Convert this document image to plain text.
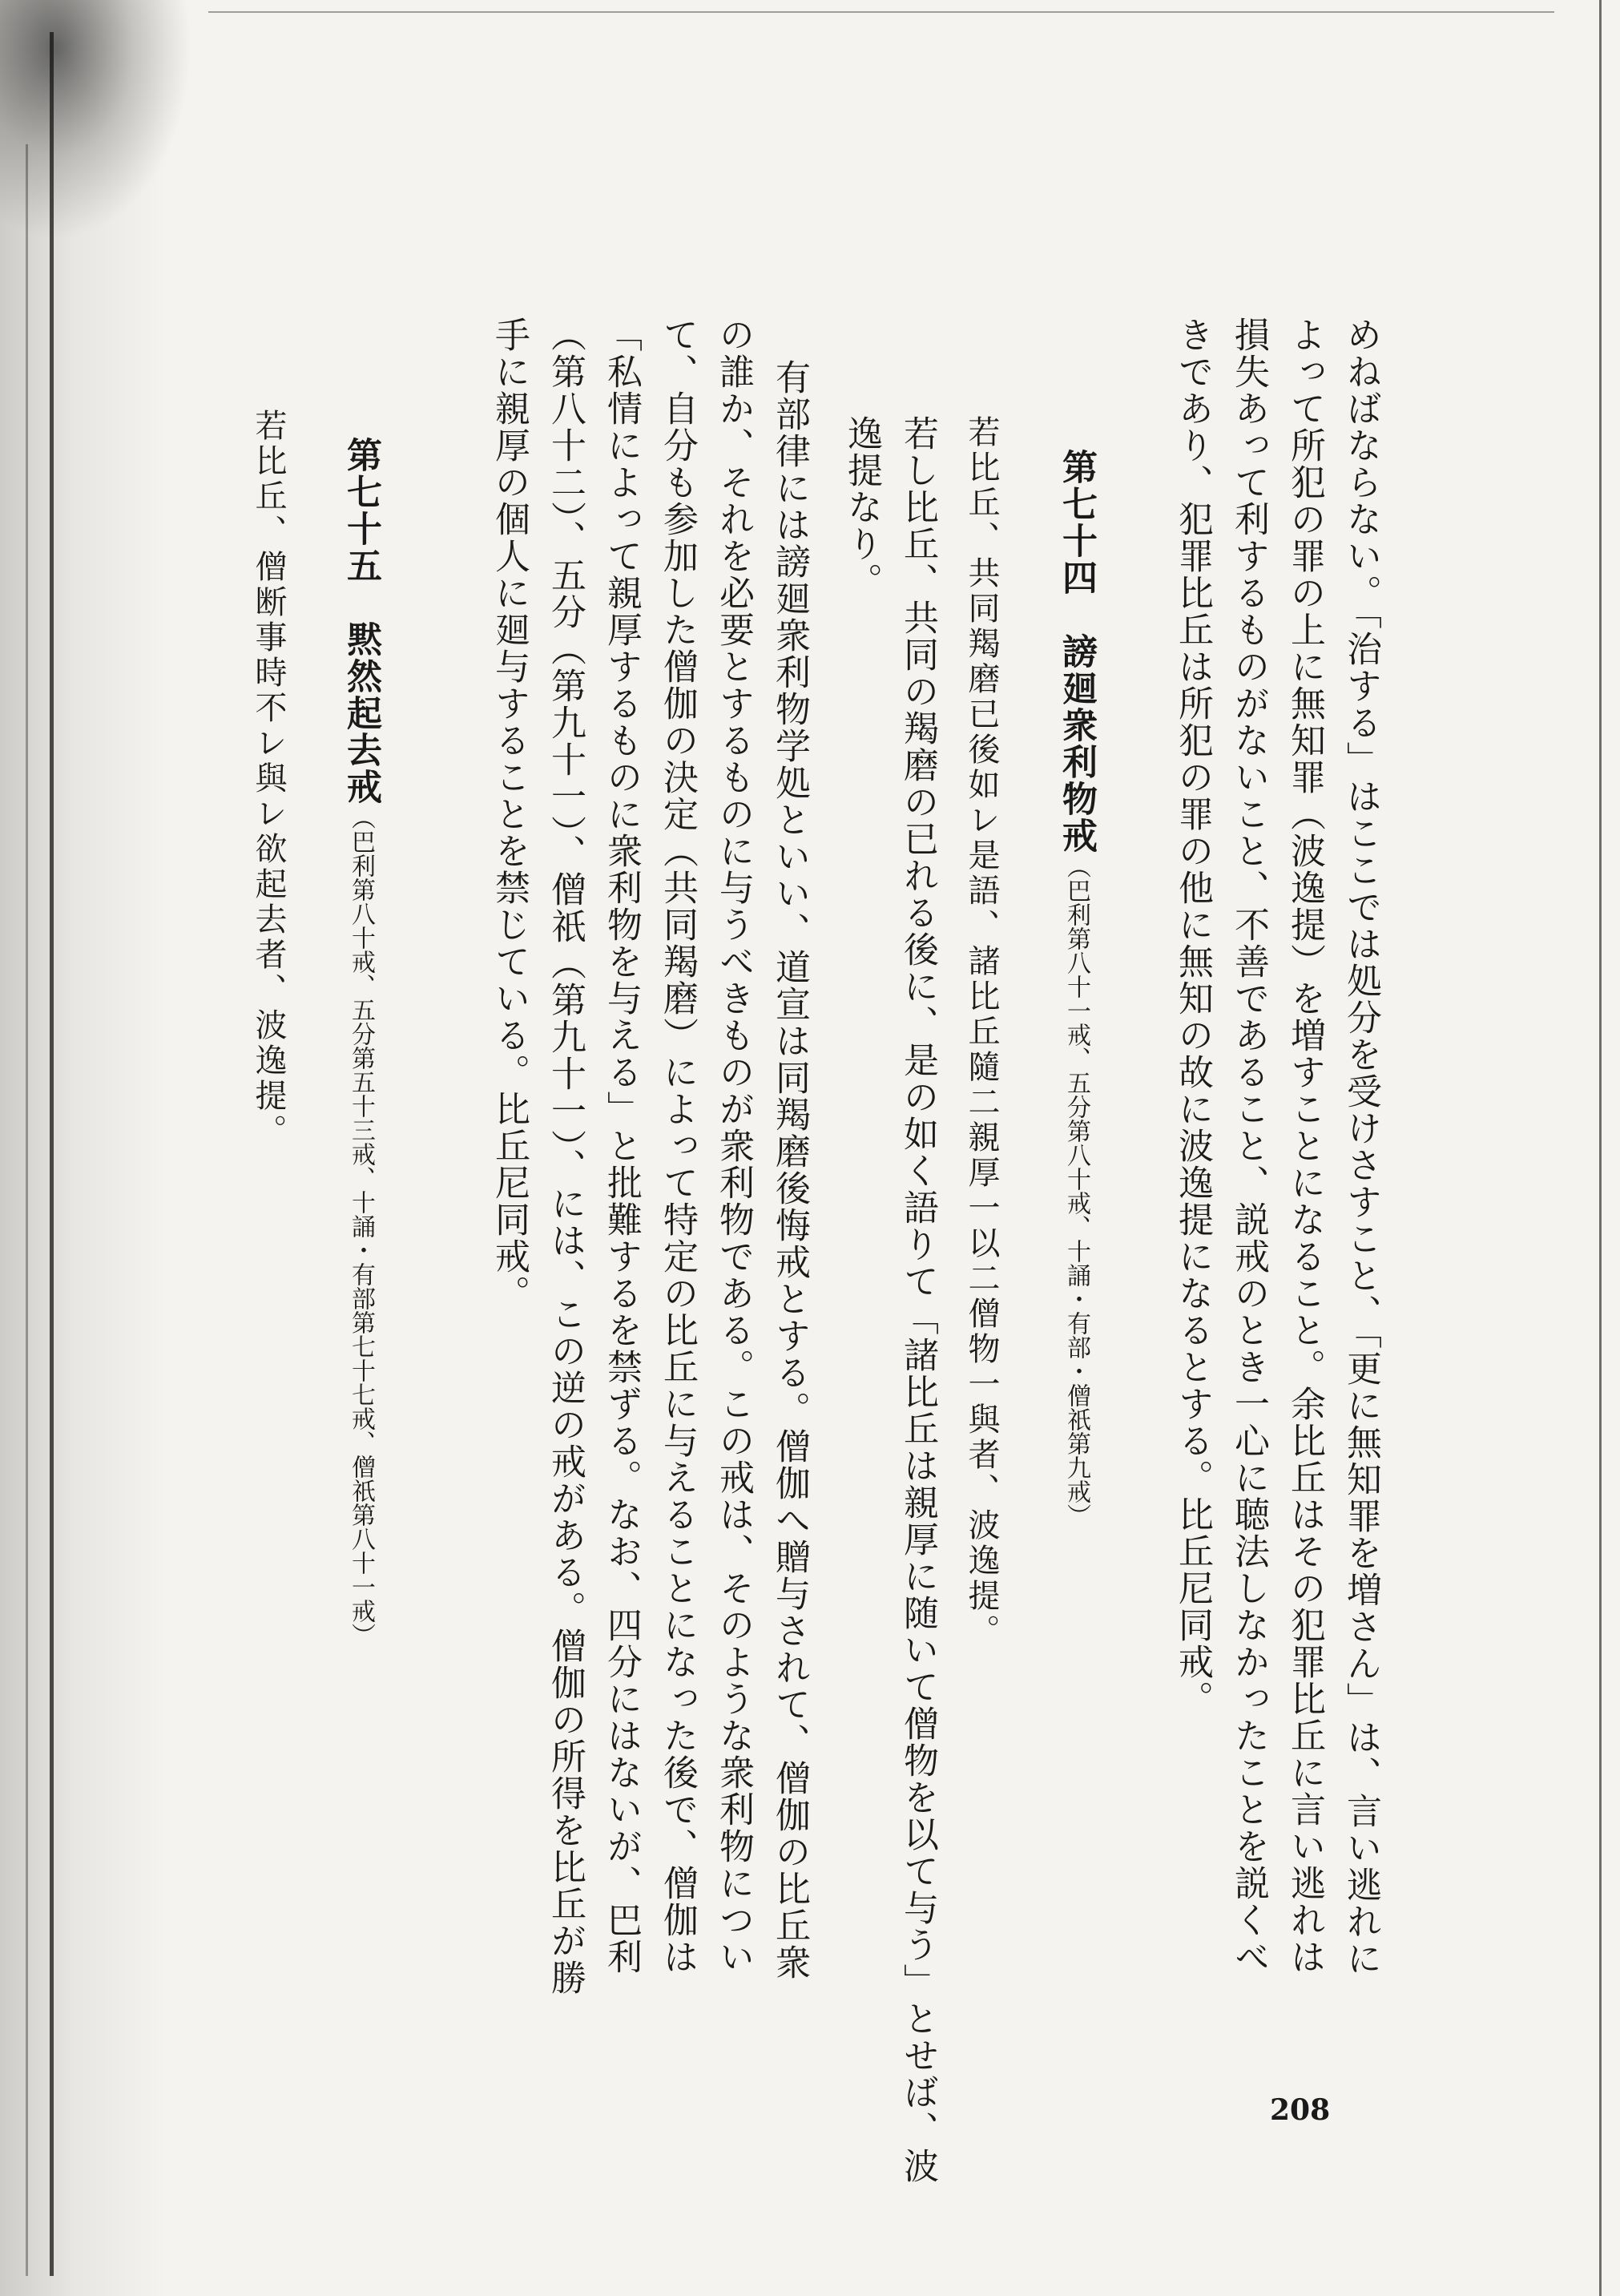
めねばならない。「治する」はここでは処分を受けさすこと、「更に無知罪を増さん」は、言い逃れに
よって所犯の罪の上に無知罪（波逸提）を増すことになること。余比丘はその犯罪比丘に言い逃れは
損失あって利するものがないこと、不善であること、説戒のとき一心に聴法しなかったことを説くべ
きであり、犯罪比丘は所犯の罪の他に無知の故に波逸提になるとする。比丘尼同戒。
第七十四　謗廻衆利物戒（巴利第八十一戒、五分第八十戒、十誦・有部・僧祇第九戒）
若比丘、共同羯磨已後如レ是語、諸比丘隨二親厚一以二僧物一與者、波逸提。
若し比丘、共同の羯磨の已れる後に、是の如く語りて「諸比丘は親厚に随いて僧物を以て与う」とせば、波
逸提なり。
有部律には謗廻衆利物学処といい、道宣は同羯磨後悔戒とする。僧伽へ贈与されて、僧伽の比丘衆
の誰か、それを必要とするものに与うべきものが衆利物である。この戒は、そのような衆利物につい
て、自分も参加した僧伽の決定（共同羯磨）によって特定の比丘に与えることになった後で、僧伽は
「私情によって親厚するものに衆利物を与える」と批難するを禁ずる。なお、四分にはないが、巴利
（第八十二）、五分（第九十一）、僧祇（第九十一）、には、この逆の戒がある。僧伽の所得を比丘が勝
手に親厚の個人に廻与することを禁じている。比丘尼同戒。
第七十五　黙然起去戒（巴利第八十戒、五分第五十三戒、十誦・有部第七十七戒、僧祇第八十一戒）
若比丘、僧断事時不レ與レ欲起去者、波逸提。
208
